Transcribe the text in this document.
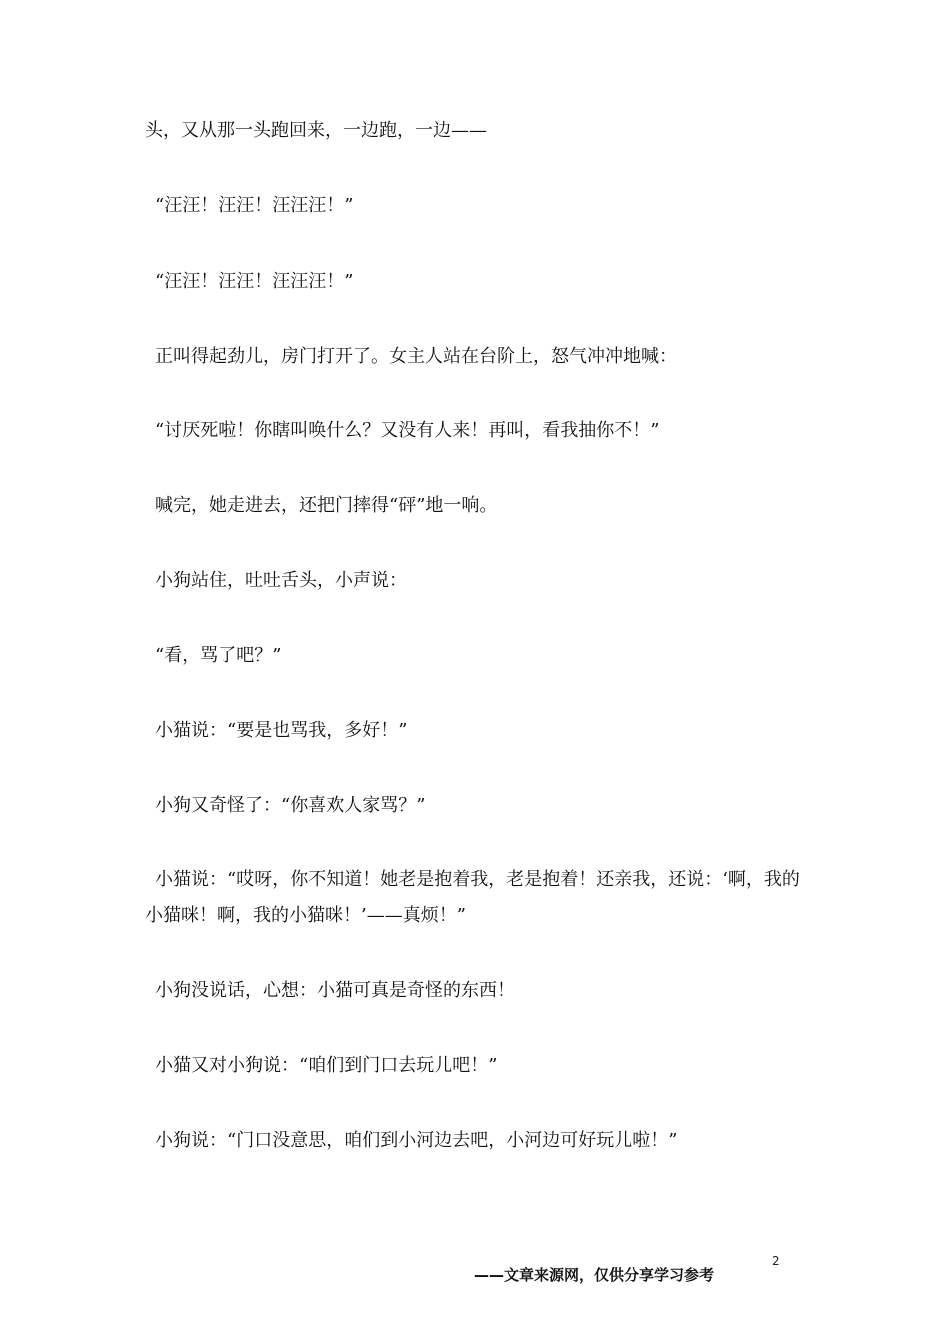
头，又从那一头跑回来，一边跑，一边——

“汪汪！汪汪！汪汪汪！”

“汪汪！汪汪！汪汪汪！”

正叫得起劲儿，房门打开了。女主人站在台阶上，怒气冲冲地喊：

“讨厌死啦！你瞎叫唤什么？又没有人来！再叫，看我抽你不！”

喊完，她走进去，还把门摔得“砰”地一响。

小狗站住，吐吐舌头，小声说：

“看，骂了吧？”

小猫说：“要是也骂我，多好！”

小狗又奇怪了：“你喜欢人家骂？”

小猫说：“哎呀，你不知道！她老是抱着我，老是抱着！还亲我，还说：‘啊，我的小猫咪！啊，我的小猫咪！’——真烦！”

小狗没说话，心想：小猫可真是奇怪的东西！

小猫又对小狗说：“咱们到门口去玩儿吧！”

小狗说：“门口没意思，咱们到小河边去吧，小河边可好玩儿啦！”

2
——文章来源网，仅供分享学习参考
